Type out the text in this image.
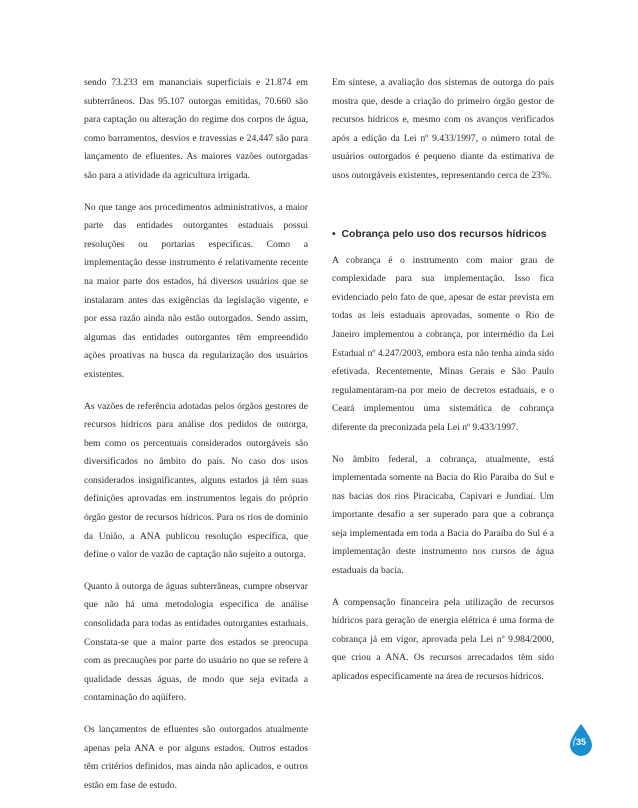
sendo 73.233 em mananciais superficiais e 21.874 em subterrâneos. Das 95.107 outorgas emitidas, 70.660 são para captação ou alteração do regime dos corpos de água, como barramentos, desvios e travessias e 24.447 são para lançamento de efluentes. As maiores vazões outorgadas são para a atividade da agricultura irrigada.

No que tange aos procedimentos administrativos, a maior parte das entidades outorgantes estaduais possui resoluções ou portarias específicas. Como a implementação desse instrumento é relativamente recente na maior parte dos estados, há diversos usuários que se instalaram antes das exigências da legislação vigente, e por essa razão ainda não estão outorgados. Sendo assim, algumas das entidades outorgantes têm empreendido ações proativas na busca da regularização dos usuários existentes.

As vazões de referência adotadas pelos órgãos gestores de recursos hídricos para análise dos pedidos de outorga, bem como os percentuais considerados outorgáveis são diversificados no âmbito do país. No caso dos usos considerados insignificantes, alguns estados já têm suas definições aprovadas em instrumentos legais do próprio órgão gestor de recursos hídricos. Para os rios de domínio da União, a ANA publicou resolução específica, que define o valor de vazão de captação não sujeito a outorga.

Quanto à outorga de águas subterrâneas, cumpre observar que não há uma metodologia específica de análise consolidada para todas as entidades outorgantes estaduais. Constata-se que a maior parte dos estados se preocupa com as precauções por parte do usuário no que se refere à qualidade dessas águas, de modo que seja evitada a contaminação do aqüífero.

Os lançamentos de efluentes são outorgados atualmente apenas pela ANA e por alguns estados. Outros estados têm critérios definidos, mas ainda não aplicados, e outros estão em fase de estudo.

Em síntese, a avaliação dos sistemas de outorga do país mostra que, desde a criação do primeiro órgão gestor de recursos hídricos e, mesmo com os avanços verificados após a edição da Lei nº 9.433/1997, o número total de usuários outorgados é pequeno diante da estimativa de usos outorgáveis existentes, representando cerca de 23%.

• Cobrança pelo uso dos recursos hídricos

A cobrança é o instrumento com maior grau de complexidade para sua implementação. Isso fica evidenciado pelo fato de que, apesar de estar prevista em todas as leis estaduais aprovadas, somente o Rio de Janeiro implementou a cobrança, por intermédio da Lei Estadual nº 4.247/2003, embora esta não tenha ainda sido efetivada. Recentemente, Minas Gerais e São Paulo regulamentaram-na por meio de decretos estaduais, e o Ceará implementou uma sistemática de cobrança diferente da preconizada pela Lei nº 9.433/1997.

No âmbito federal, a cobrança, atualmente, está implementada somente na Bacia do Rio Paraíba do Sul e nas bacias dos rios Piracicaba, Capivari e Jundiaí. Um importante desafio a ser superado para que a cobrança seja implementada em toda a Bacia do Paraíba do Sul é a implementação deste instrumento nos cursos de água estaduais da bacia.

A compensação financeira pela utilização de recursos hídricos para geração de energia elétrica é uma forma de cobrança já em vigor, aprovada pela Lei nº 9.984/2000, que criou a ANA. Os recursos arrecadados têm sido aplicados especificamente na área de recursos hídricos.

35
